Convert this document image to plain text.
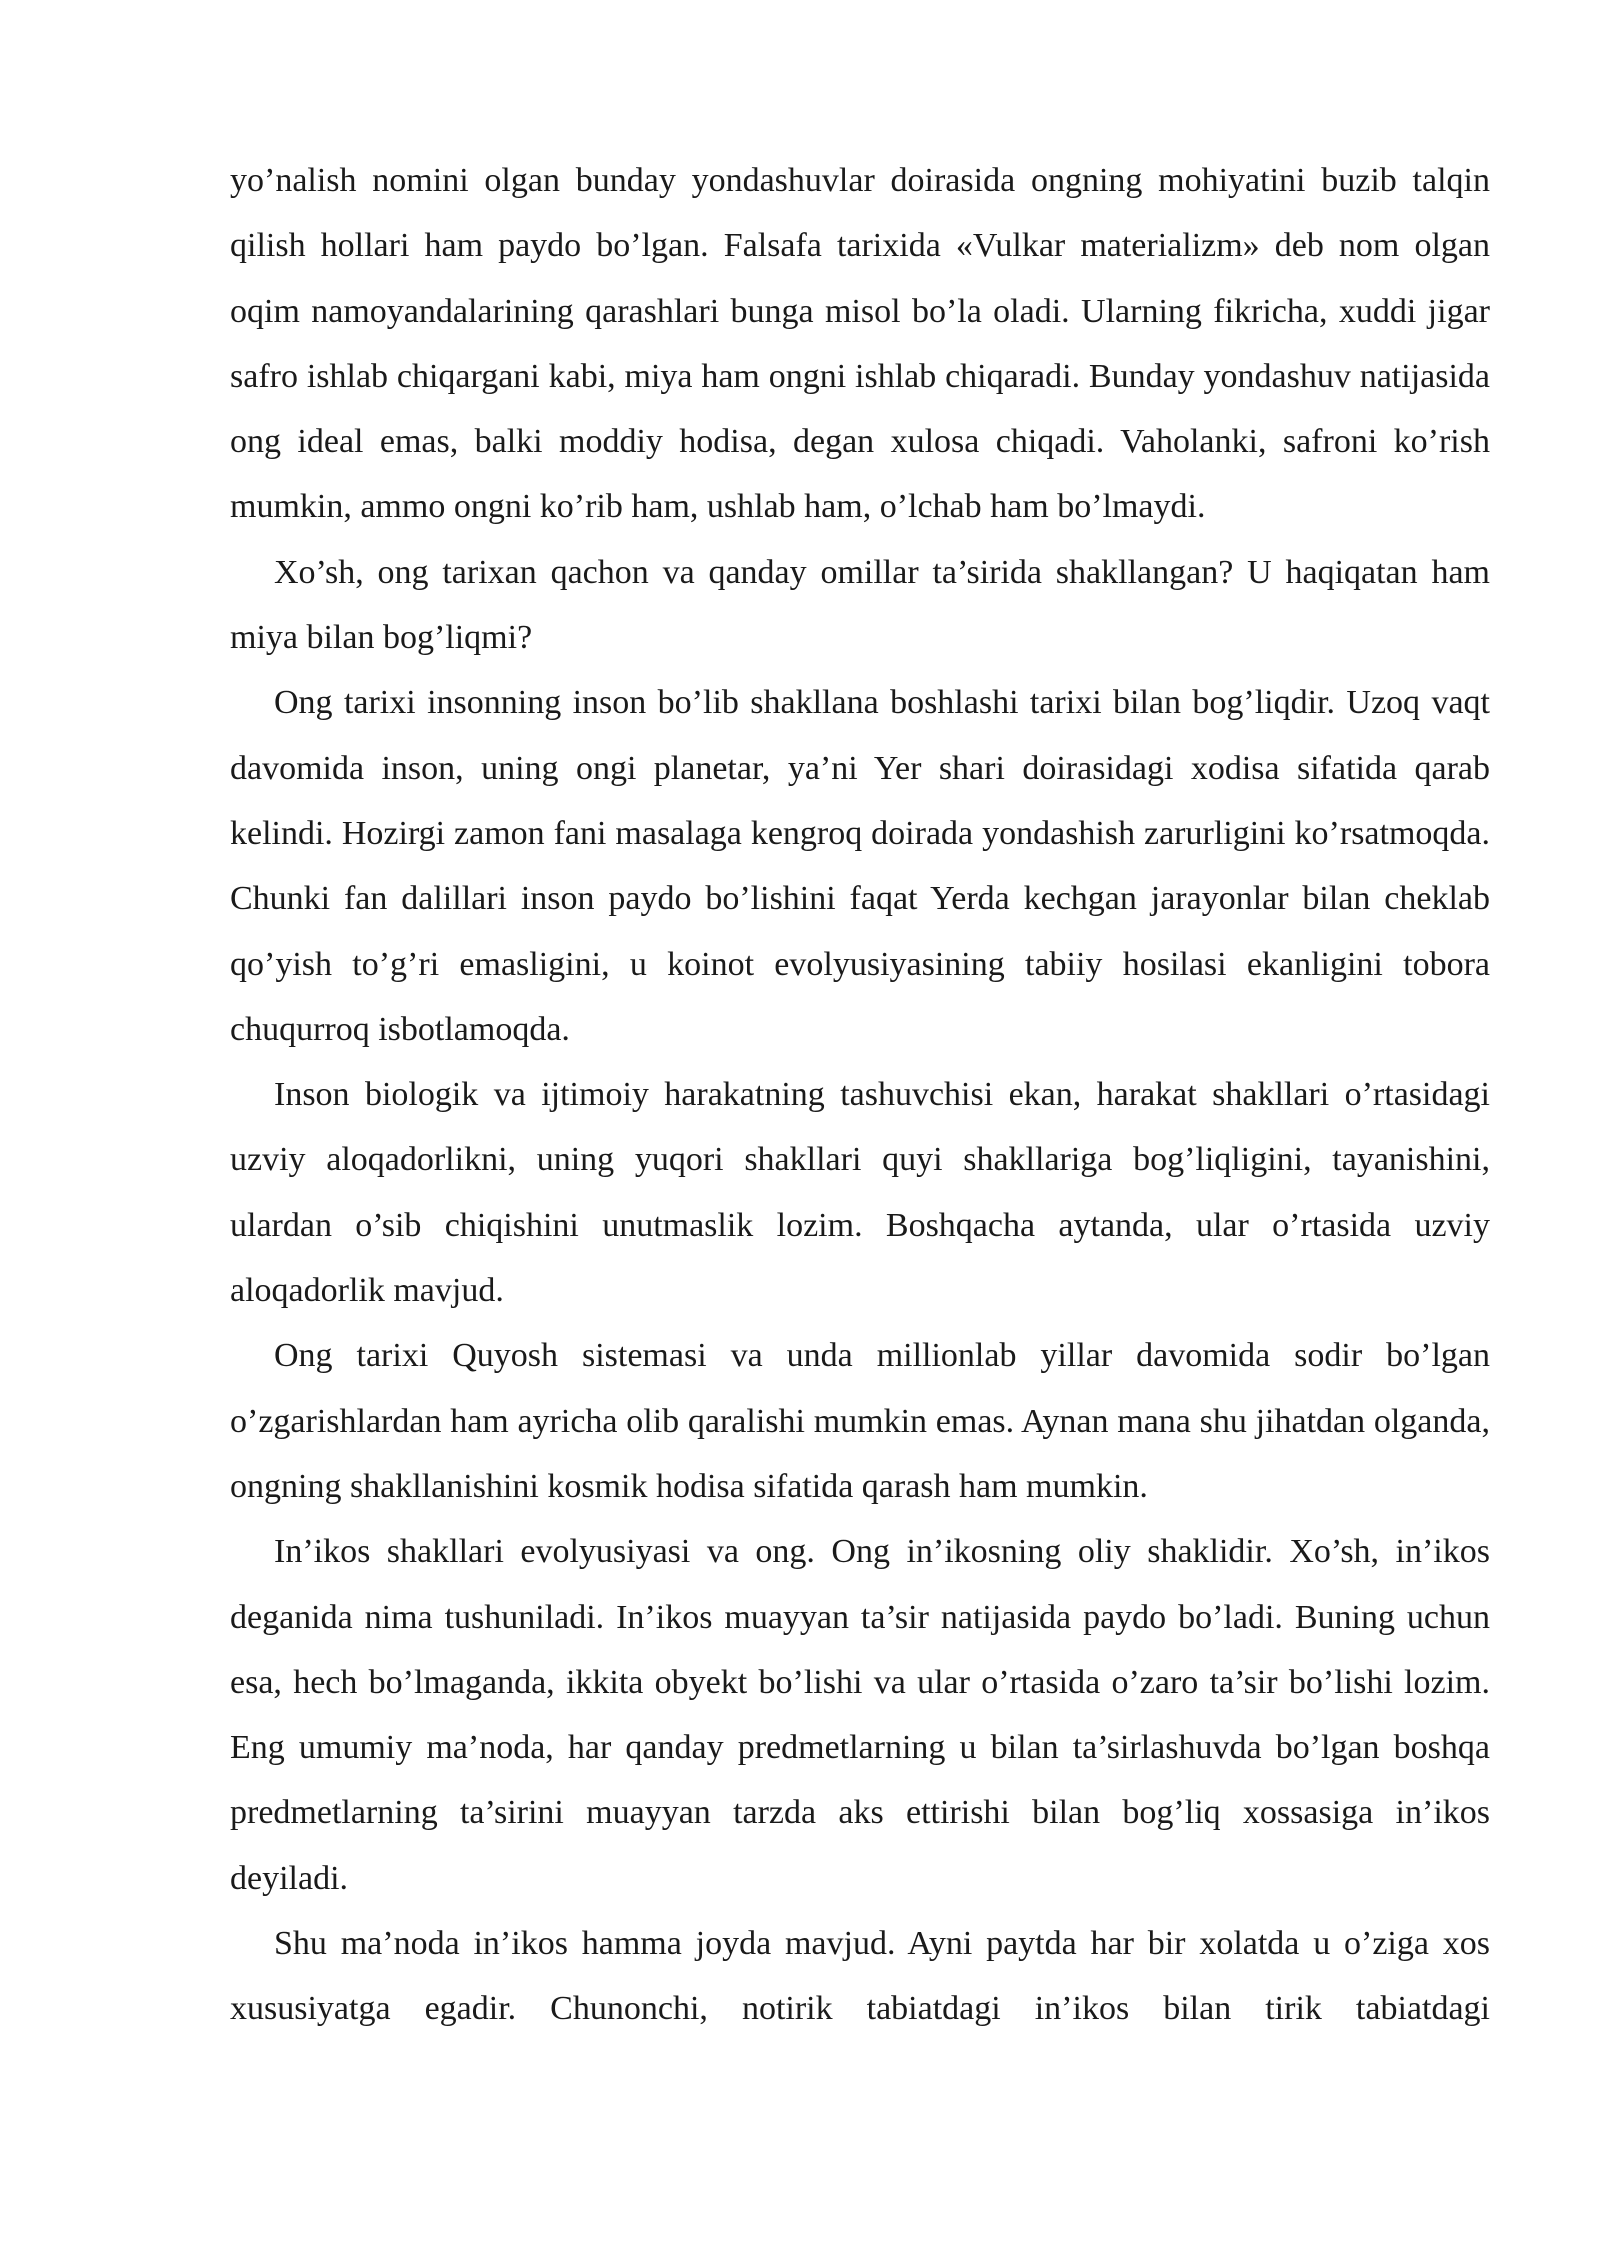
yo’nalish nomini olgan bunday yondashuvlar doirasida ongning mohiyatini buzib talqin qilish hollari ham paydo bo’lgan. Falsafa tarixida «Vulkar materializm» deb nom olgan oqim namoyandalarining qarashlari bunga misol bo’la oladi. Ularning fikricha, xuddi jigar safro ishlab chiqargani kabi, miya ham ongni ishlab chiqaradi. Bunday yondashuv natijasida ong ideal emas, balki moddiy hodisa, degan xulosa chiqadi. Vaholanki, safroni ko’rish mumkin, ammo ongni ko’rib ham, ushlab ham, o’lchab ham bo’lmaydi.

Xo’sh, ong tarixan qachon va qanday omillar ta’sirida shakllangan? U haqiqatan ham miya bilan bog’liqmi?

Ong tarixi insonning inson bo’lib shakllana boshlashi tarixi bilan bog’liqdir. Uzoq vaqt davomida inson, uning ongi planetar, ya’ni Yer shari doirasidagi xodisa sifatida qarab kelindi. Hozirgi zamon fani masalaga kengroq doirada yondashish zarurligini ko’rsatmoqda. Chunki fan dalillari inson paydo bo’lishini faqat Yerda kechgan jarayonlar bilan cheklab qo’yish to’g’ri emasligini, u koinot evolyusiyasining tabiiy hosilasi ekanligini tobora chuqurroq isbotlamoqda.

Inson biologik va ijtimoiy harakatning tashuvchisi ekan, harakat shakllari o’rtasidagi uzviy aloqadorlikni, uning yuqori shakllari quyi shakllariga bog’liqligini, tayanishini, ulardan o’sib chiqishini unutmaslik lozim. Boshqacha aytanda, ular o’rtasida uzviy aloqadorlik mavjud.

Ong tarixi Quyosh sistemasi va unda millionlab yillar davomida sodir bo’lgan o’zgarishlardan ham ayricha olib qaralishi mumkin emas. Aynan mana shu jihatdan olganda, ongning shakllanishini kosmik hodisa sifatida qarash ham mumkin.

In’ikos shakllari evolyusiyasi va ong. Ong in’ikosning oliy shaklidir. Xo’sh, in’ikos deganida nima tushuniladi. In’ikos muayyan ta’sir natijasida paydo bo’ladi. Buning uchun esa, hech bo’lmaganda, ikkita obyekt bo’lishi va ular o’rtasida o’zaro ta’sir bo’lishi lozim. Eng umumiy ma’noda, har qanday predmetlarning u bilan ta’sirlashuvda bo’lgan boshqa predmetlarning ta’sirini muayyan tarzda aks ettirishi bilan bog’liq xossasiga in’ikos deyiladi.

Shu ma’noda in’ikos hamma joyda mavjud. Ayni paytda har bir xolatda u o’ziga xos xususiyatga egadir. Chunonchi, notirik tabiatdagi in’ikos bilan tirik tabiatdagi
